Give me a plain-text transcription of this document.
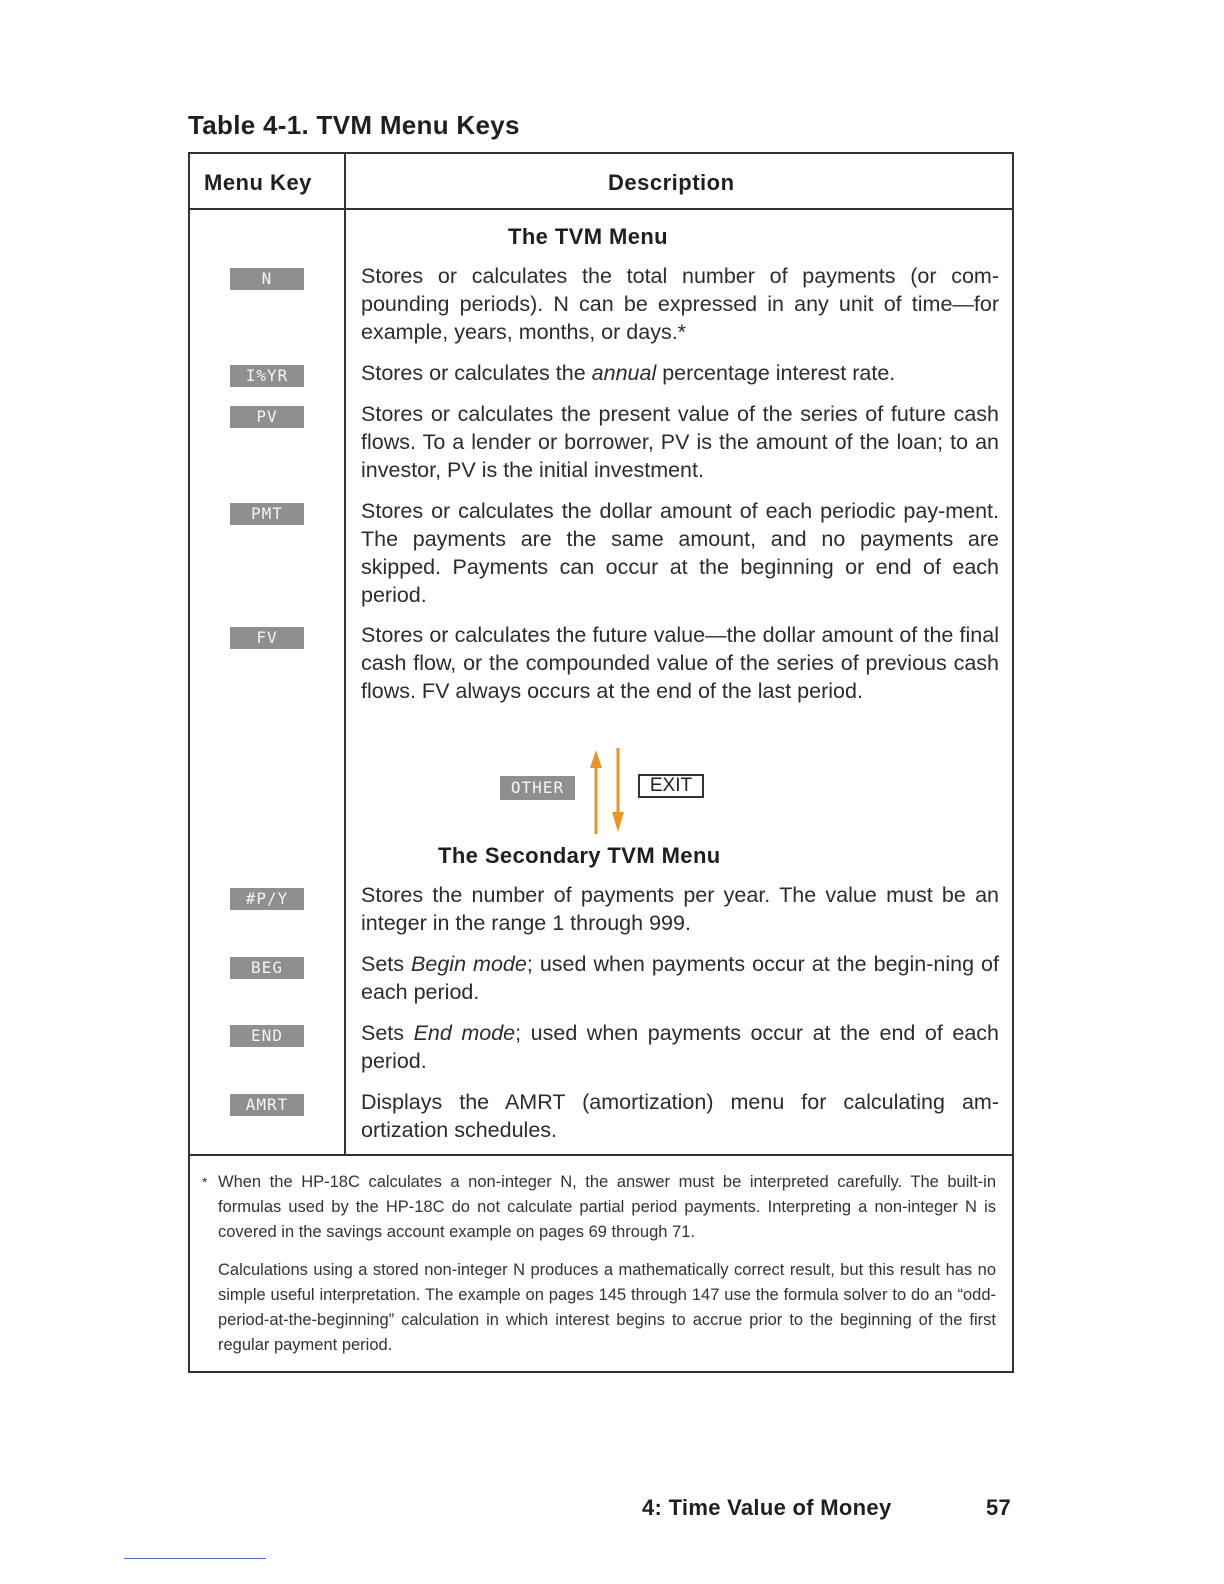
Table 4-1. TVM Menu Keys
Menu Key	Description
The TVM Menu
N	Stores or calculates the total number of payments (or com-pounding periods). N can be expressed in any unit of time—for example, years, months, or days.*
I%YR	Stores or calculates the annual percentage interest rate.
PV	Stores or calculates the present value of the series of future cash flows. To a lender or borrower, PV is the amount of the loan; to an investor, PV is the initial investment.
PMT	Stores or calculates the dollar amount of each periodic pay-ment. The payments are the same amount, and no payments are skipped. Payments can occur at the beginning or end of each period.
FV	Stores or calculates the future value—the dollar amount of the final cash flow, or the compounded value of the series of previous cash flows. FV always occurs at the end of the last period.
OTHER	EXIT
The Secondary TVM Menu
#P/Y	Stores the number of payments per year. The value must be an integer in the range 1 through 999.
BEG	Sets Begin mode; used when payments occur at the begin-ning of each period.
END	Sets End mode; used when payments occur at the end of each period.
AMRT	Displays the AMRT (amortization) menu for calculating am-ortization schedules.
* When the HP-18C calculates a non-integer N, the answer must be interpreted carefully. The built-in formulas used by the HP-18C do not calculate partial period payments. Interpreting a non-integer N is covered in the savings account example on pages 69 through 71.
Calculations using a stored non-integer N produces a mathematically correct result, but this result has no simple useful interpretation. The example on pages 145 through 147 use the formula solver to do an “odd-period-at-the-beginning” calculation in which interest begins to accrue prior to the beginning of the first regular payment period.
4: Time Value of Money	57
